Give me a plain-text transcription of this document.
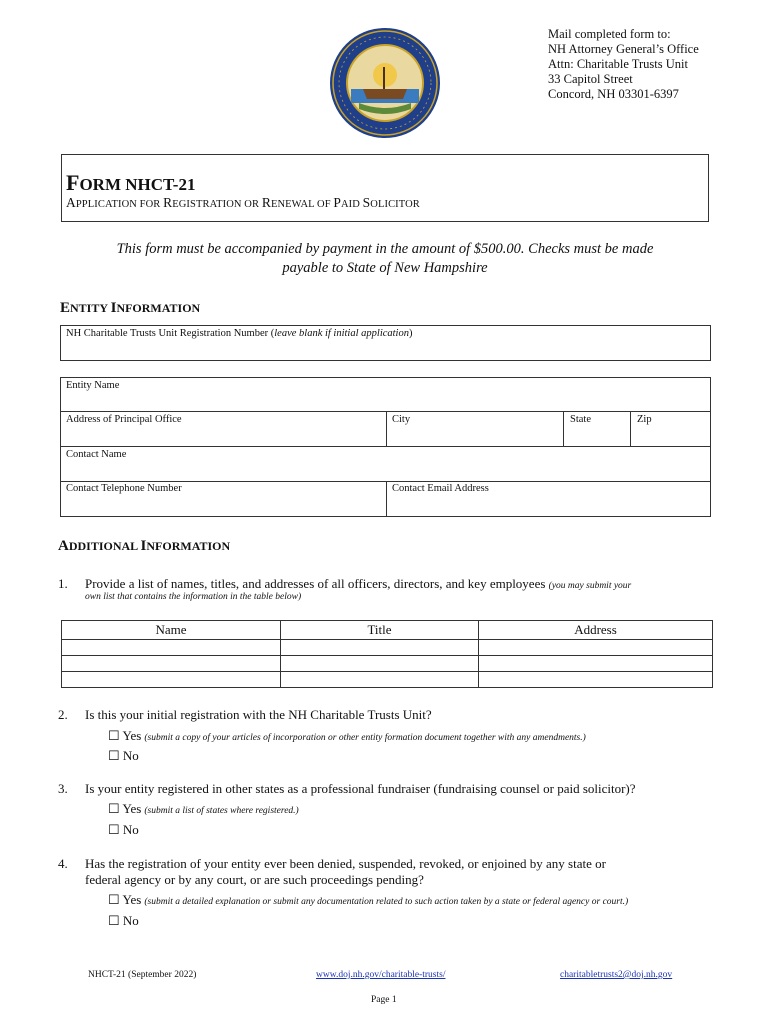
Mail completed form to:
NH Attorney General’s Office
Attn: Charitable Trusts Unit
33 Capitol Street
Concord, NH 03301-6397
FORM NHCT-21
APPLICATION FOR REGISTRATION OR RENEWAL OF PAID SOLICITOR
This form must be accompanied by payment in the amount of $500.00. Checks must be made
payable to State of New Hampshire
ENTITY INFORMATION
NH Charitable Trusts Unit Registration Number (leave blank if initial application)
Entity Name
Address of Principal Office	City	State	Zip
Contact Name
Contact Telephone Number	Contact Email Address
ADDITIONAL INFORMATION
1. Provide a list of names, titles, and addresses of all officers, directors, and key employees (you may submit your
own list that contains the information in the table below)
Name	Title	Address

2. Is this your initial registration with the NH Charitable Trusts Unit?
☐ Yes (submit a copy of your articles of incorporation or other entity formation document together with any amendments.)
☐ No
3. Is your entity registered in other states as a professional fundraiser (fundraising counsel or paid solicitor)?
☐ Yes (submit a list of states where registered.)
☐ No
4. Has the registration of your entity ever been denied, suspended, revoked, or enjoined by any state or
federal agency or by any court, or are such proceedings pending?
☐ Yes (submit a detailed explanation or submit any documentation related to such action taken by a state or federal agency or court.)
☐ No
NHCT-21 (September 2022)	www.doj.nh.gov/charitable-trusts/	charitabletrusts2@doj.nh.gov
Page 1
